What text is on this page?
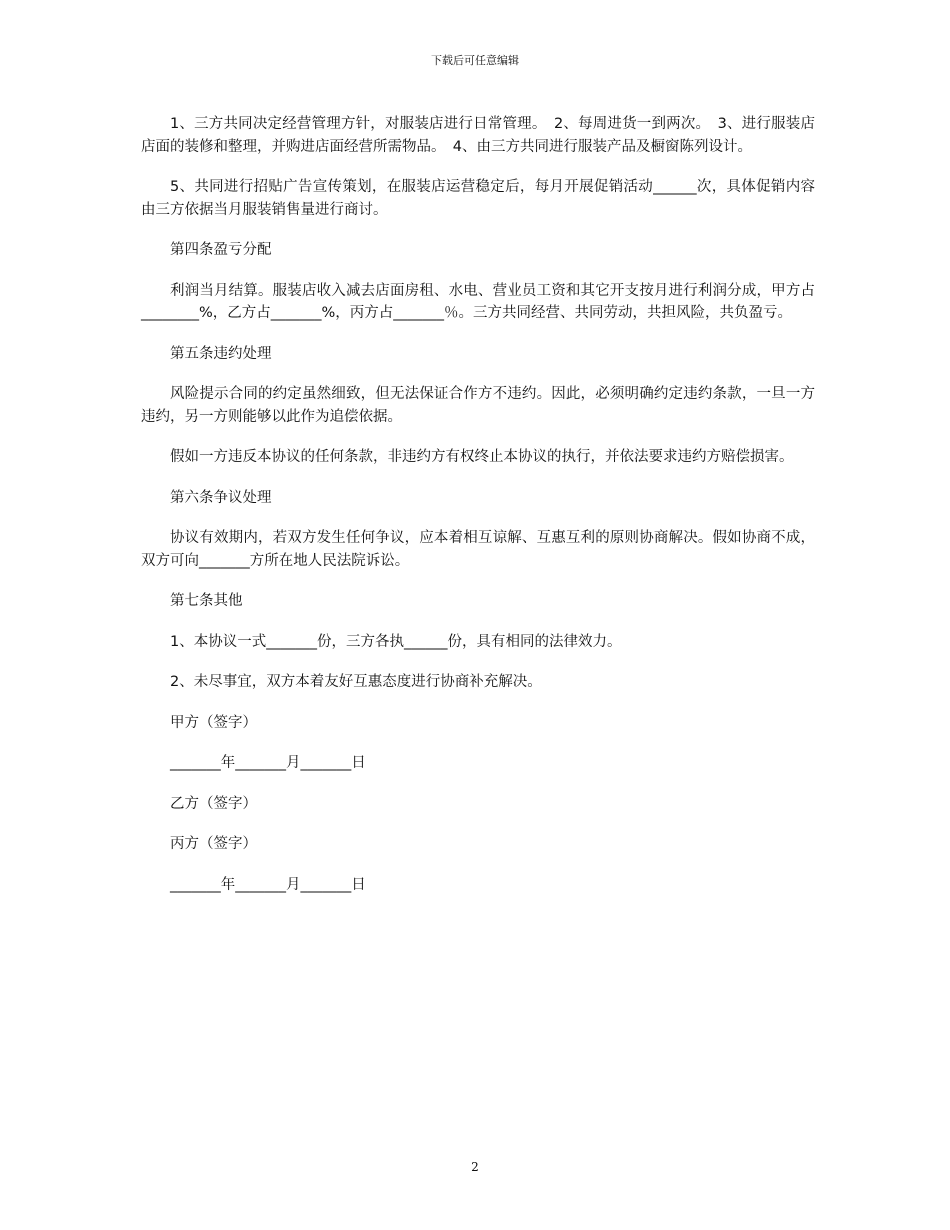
下载后可任意编辑

1、三方共同决定经营管理方针，对服装店进行日常管理。　2、每周进货一到两次。　3、进行服装店店面的装修和整理，并购进店面经营所需物品。　4、由三方共同进行服装产品及橱窗陈列设计。

5、共同进行招贴广告宣传策划，在服装店运营稳定后，每月开展促销活动______次，具体促销内容由三方依据当月服装销售量进行商讨。

第四条盈亏分配

利润当月结算。服装店收入减去店面房租、水电、营业员工资和其它开支按月进行利润分成，甲方占________%，乙方占_______%，丙方占_______％。三方共同经营、共同劳动，共担风险，共负盈亏。

第五条违约处理

风险提示合同的约定虽然细致，但无法保证合作方不违约。因此，必须明确约定违约条款，一旦一方违约，另一方则能够以此作为追偿依据。

假如一方违反本协议的任何条款，非违约方有权终止本协议的执行，并依法要求违约方赔偿损害。

第六条争议处理

协议有效期内，若双方发生任何争议，应本着相互谅解、互惠互利的原则协商解决。假如协商不成，双方可向_______方所在地人民法院诉讼。

第七条其他

1、本协议一式_______份，三方各执______份，具有相同的法律效力。

2、未尽事宜，双方本着友好互惠态度进行协商补充解决。

甲方（签字）

_______年_______月_______日

乙方（签字）

丙方（签字）

_______年_______月_______日

2
